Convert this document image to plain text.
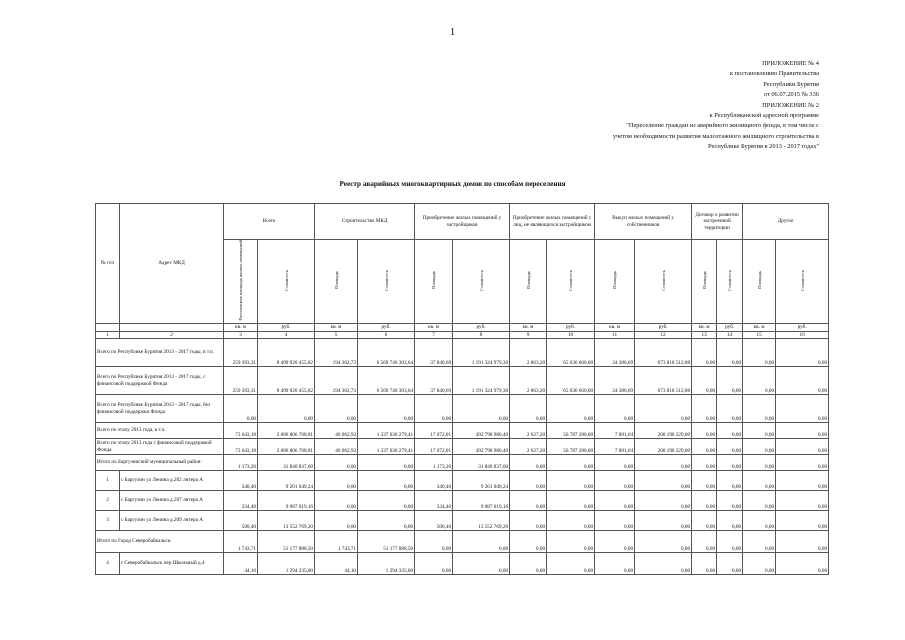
1
ПРИЛОЖЕНИЕ № 4
к постановлению Правительства
Республики Бурятия
от 06.07.2015 № 336
ПРИЛОЖЕНИЕ № 2
к Республиканской адресной программе
"Переселение граждан из аварийного жилищного фонда, в том числе с
учетом необходимости развития малоэтажного жилищного строительства в
Республике Бурятия в 2013 - 2017 годах"
Реестр аварийных многоквартирных домов по способам переселения
№ п/п	Адрес МКД	Всего		Строительство МКД		Приобретение жилых помещений у застройщиков		Приобретение жилых помещений у лиц, не являющихся застройщиком		Выкуп жилых помещений у собственников		Договор о развитии застроенной территории		Другое	
		Расселяемая площадь жилых помещений	Стоимость	Площадь	Стоимость	Площадь	Стоимость	Площадь	Стоимость	Площадь	Стоимость	Площадь	Стоимость	Площадь	Стоимость
		кв. м	руб.	кв. м	руб.	кв. м	руб.	кв. м	руб.	кв. м	руб.	кв. м	руб.	кв. м	руб.
1	2	3	4	5	6	7	8	9	10	11	12	13	14	15	16
Всего по Республике Бурятия 2013 - 2017 годы, в т.ч.		259 393,31	8 499 920 455,82	194 302,73	6 569 740 303,64	37 840,69	1 191 324 979,30	2 863,20	65 036 660,00	24 386,69	673 818 512,88	0,00	0,00	0,00	0,00
Всего по Республике Бурятия 2013 - 2017 годы, с финансовой поддержкой Фонда		259 393,31	8 499 920 455,82	194 302,73	6 569 740 303,64	37 840,69	1 191 324 979,30	2 863,20	65 036 660,00	24 386,69	673 818 512,88	0,00	0,00	0,00	0,00
Всего по Республике Бурятия 2013 - 2017 годы, без финансовой поддержки Фонда		0,00	0,00	0,00	0,00	0,00	0,00	0,00	0,00	0,00	0,00	0,00	0,00	0,00	0,00
Всего по этапу 2013 года, в т.ч.		73 643,18	2 086 806 768,81	46 062,93	1 337 030 279,41	17 072,01	492 798 980,40	2 627,20	56 787 280,00	7 881,04	200 190 229,00	0,00	0,00	0,00	0,00
Всего по этапу 2013 года с финансовой поддержкой Фонда		73 643,18	2 086 806 768,81	46 062,93	1 337 030 279,41	17 072,01	492 798 980,40	2 627,20	56 787 280,00	7 881,04	200 190 229,00	0,00	0,00	0,00	0,00
Итого по Баргузинский муниципальный район:		1 173,20	31 840 837,60	0,00	0,00	1 173,20	31 840 837,60	0,00	0,00	0,00	0,00	0,00	0,00	0,00	0,00
1	с Баргузин ул Ленина д.202 литера А	340,40	9 201 049,24	0,00	0,00	340,40	9 201 049,24	0,00	0,00	0,00	0,00	0,00	0,00	0,00	0,00
2	с Баргузин ул Ленина д.207 литера А	334,40	9 087 019,16	0,00	0,00	334,40	9 087 019,16	0,00	0,00	0,00	0,00	0,00	0,00	0,00	0,00
3	с Баргузин ул Ленина д.209 литера А	500,40	13 552 769,20	0,00	0,00	500,40	13 552 769,20	0,00	0,00	0,00	0,00	0,00	0,00	0,00	0,00
Итого по Город Северобайкальск:		1 743,71	51 177 888,50	1 743,71	51 177 888,50	0,00	0,00	0,00	0,00	0,00	0,00	0,00	0,00	0,00	0,00
4	г Северобайкальск пер Школьный д.4	44,10	1 294 335,00	44,10	1 294 335,00	0,00	0,00	0,00	0,00	0,00	0,00	0,00	0,00	0,00	0,00
